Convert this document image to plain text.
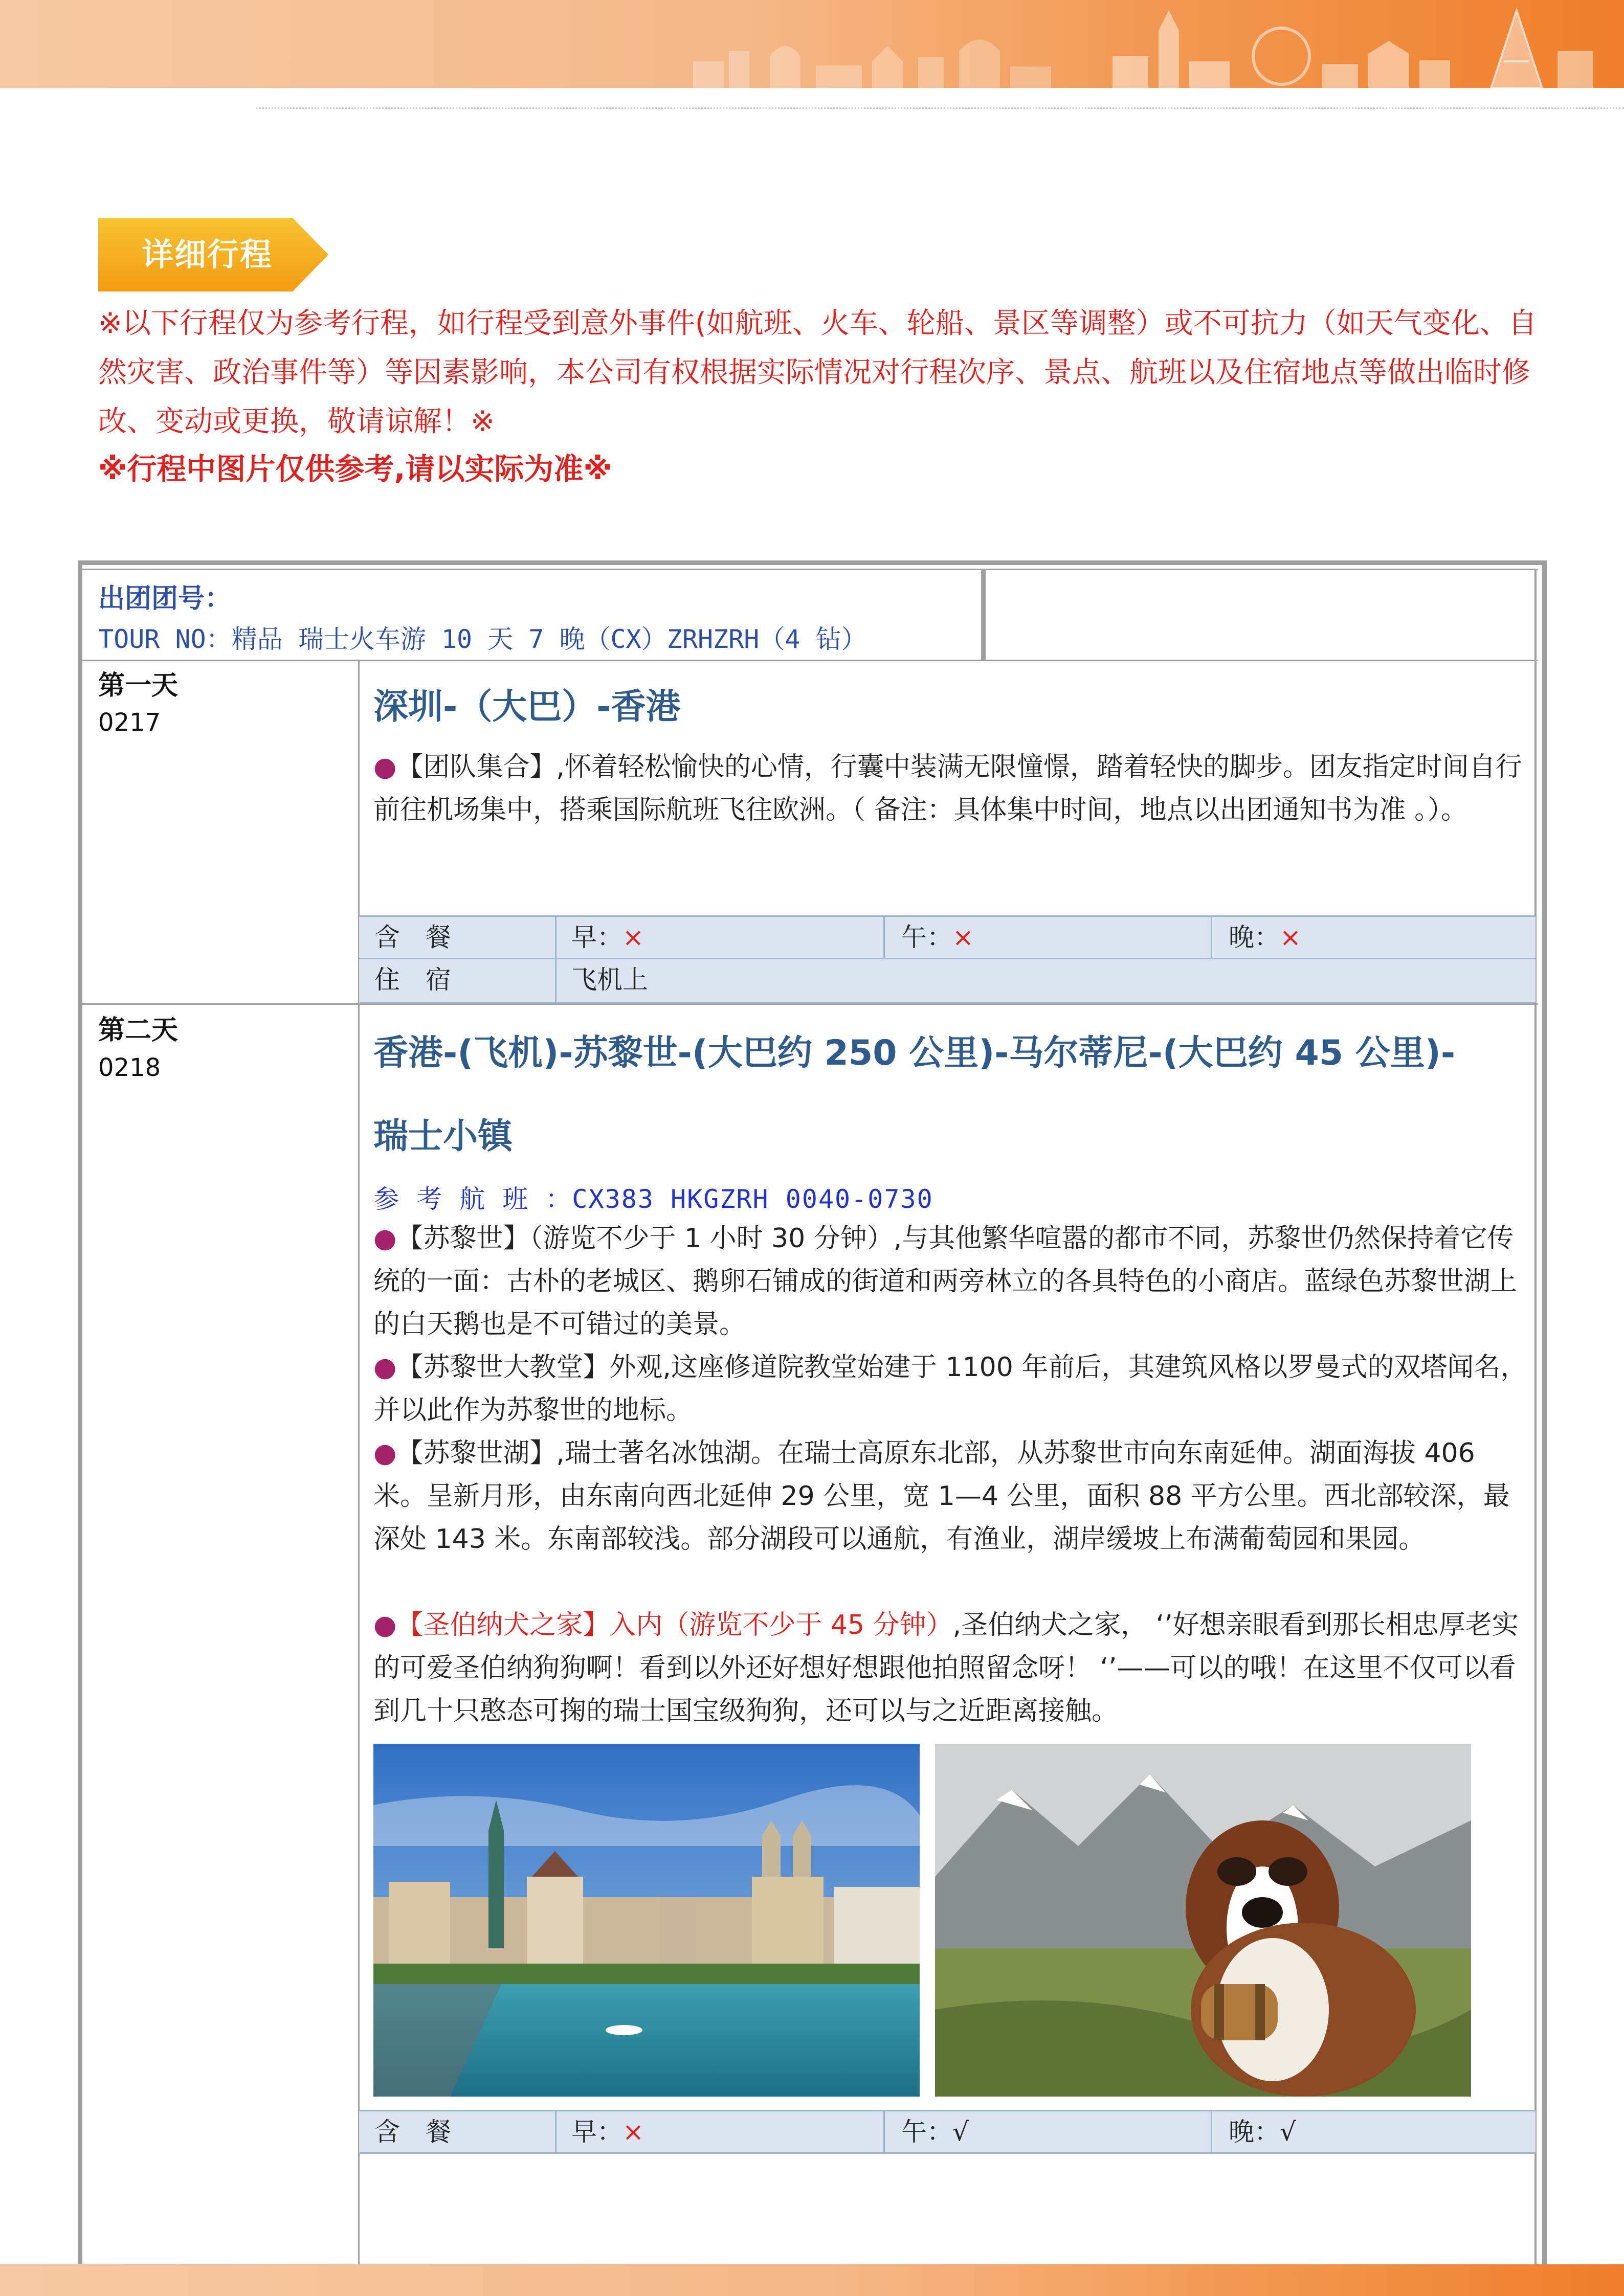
详细行程
※以下行程仅为参考行程，如行程受到意外事件(如航班、火车、轮船、景区等调整）或不可抗力（如天气变化、自然灾害、政治事件等）等因素影响，本公司有权根据实际情况对行程次序、景点、航班以及住宿地点等做出临时修改、变动或更换，敬请谅解！※
※行程中图片仅供参考,请以实际为准※
出团团号：
TOUR NO：精品 瑞士火车游 10 天 7 晚（CX）ZRHZRH（4 钻）
第一天
0217	深圳-（大巴）-香港
●【团队集合】,怀着轻松愉快的心情，行囊中装满无限憧憬，踏着轻快的脚步。团友指定时间自行前往机场集中，搭乘国际航班飞往欧洲。（ 备注：具体集中时间，地点以出团通知书为准 。）。
含　餐	早：×	午：×	晚：×
住　宿	飞机上
第二天
0218	香港-(飞机)-苏黎世-(大巴约 250 公里)-马尔蒂尼-(大巴约 45 公里)-
瑞士小镇
参 考 航 班 ：CX383 HKGZRH 0040-0730
●【苏黎世】（游览不少于 1 小时 30 分钟）,与其他繁华喧嚣的都市不同，苏黎世仍然保持着它传统的一面：古朴的老城区、鹅卵石铺成的街道和两旁林立的各具特色的小商店。蓝绿色苏黎世湖上的白天鹅也是不可错过的美景。
●【苏黎世大教堂】外观,这座修道院教堂始建于 1100 年前后，其建筑风格以罗曼式的双塔闻名，并以此作为苏黎世的地标。
●【苏黎世湖】,瑞士著名冰蚀湖。在瑞士高原东北部，从苏黎世市向东南延伸。湖面海拔 406 米。呈新月形，由东南向西北延伸 29 公里，宽 1—4 公里，面积 88 平方公里。西北部较深，最深处 143 米。东南部较浅。部分湖段可以通航，有渔业，湖岸缓坡上布满葡萄园和果园。
●【圣伯纳犬之家】入内（游览不少于 45 分钟）,圣伯纳犬之家， ‘’好想亲眼看到那长相忠厚老实的可爱圣伯纳狗狗啊！看到以外还好想好想跟他拍照留念呀！ ‘’——可以的哦！在这里不仅可以看到几十只憨态可掬的瑞士国宝级狗狗，还可以与之近距离接触。
含　餐	早：×	午：√	晚：√
